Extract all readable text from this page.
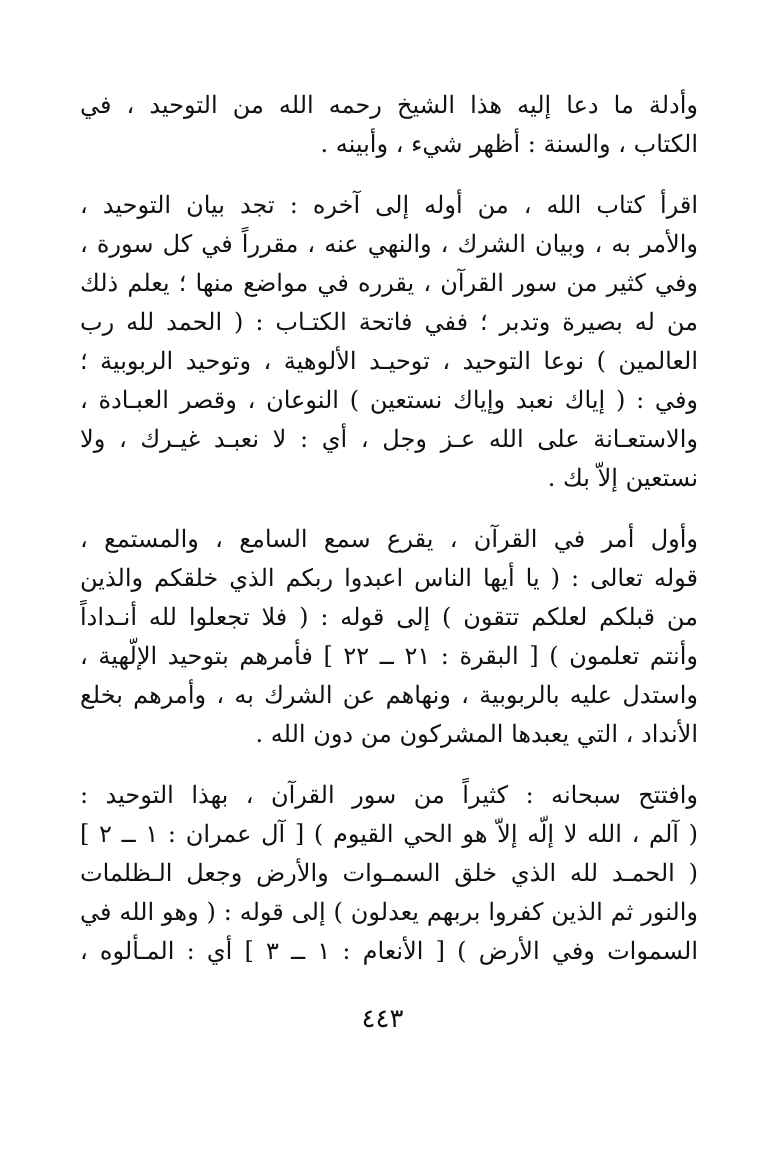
وأدلة ما دعا إليه هذا الشيخ رحمه الله من التوحيد ، في
الكتاب ، والسنة : أظهر شيء ، وأبينه .

اقرأ كتاب الله ، من أوله إلى آخره : تجد بيان التوحيد ،
والأمر به ، وبيان الشرك ، والنهي عنه ، مقرراً في كل سورة ،
وفي كثير من سور القرآن ، يقرره في مواضع منها ؛ يعلم ذلك
من له بصيرة وتدبر ؛ ففي فاتحة الكتـاب : ( الحمد لله رب
العالمين ) نوعا التوحيد ، توحيـد الألوهية ، وتوحيد الربوبية ؛
وفي : ( إياك نعبد وإياك نستعين ) النوعان ، وقصر العبـادة ،
والاستعـانة على الله عـز وجل ، أي : لا نعبـد غيـرك ، ولا
نستعين إلاّ بك .

وأول أمر في القرآن ، يقرع سمع السامع ، والمستمع ،
قوله تعالى : ( يا أيها الناس اعبدوا ربكم الذي خلقكم والذين
من قبلكم لعلكم تتقون ) إلى قوله : ( فلا تجعلوا لله أنـداداً
وأنتم تعلمون ) [ البقرة : ٢١ ــ ٢٢ ] فأمرهم بتوحيد الإلّهية ،
واستدل عليه بالربوبية ، ونهاهم عن الشرك به ، وأمرهم بخلع
الأنداد ، التي يعبدها المشركون من دون الله .

وافتتح سبحانه : كثيراً من سور القرآن ، بهذا التوحيد :
( آلم ، الله لا إلّه إلاّ هو الحي القيوم ) [ آل عمران : ١ ــ ٢ ]
( الحمـد لله الذي خلق السمـوات والأرض وجعل الـظلمات
والنور ثم الذين كفروا بربهم يعدلون ) إلى قوله : ( وهو الله في
السموات وفي الأرض ) [ الأنعام : ١ ــ ٣ ] أي : المـألوه ،

٤٤٣
